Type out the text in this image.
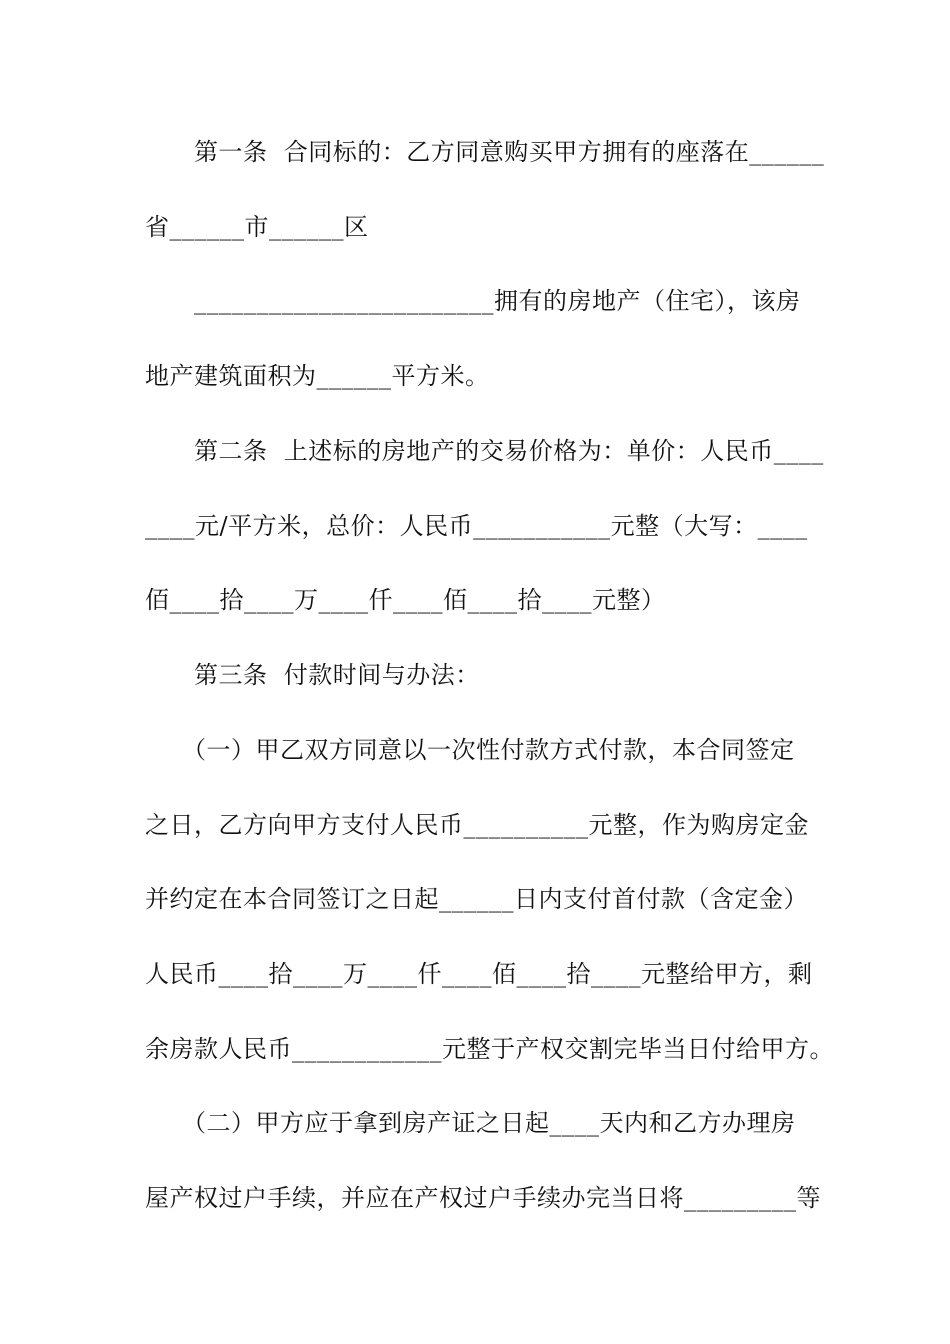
　　第一条  合同标的：乙方同意购买甲方拥有的座落在______
省______市______区
　　________________________拥有的房地产（住宅），该房
地产建筑面积为______平方米。
　　第二条  上述标的房地产的交易价格为：单价：人民币____
____元/平方米，总价：人民币___________元整（大写：____
佰____拾____万____仟____佰____拾____元整）
　　第三条  付款时间与办法：
　　（一）甲乙双方同意以一次性付款方式付款，本合同签定
之日，乙方向甲方支付人民币__________元整，作为购房定金
并约定在本合同签订之日起______日内支付首付款（含定金）
人民币____拾____万____仟____佰____拾____元整给甲方，剩
余房款人民币____________元整于产权交割完毕当日付给甲方。
　　（二）甲方应于拿到房产证之日起____天内和乙方办理房
屋产权过户手续，并应在产权过户手续办完当日将_________等
